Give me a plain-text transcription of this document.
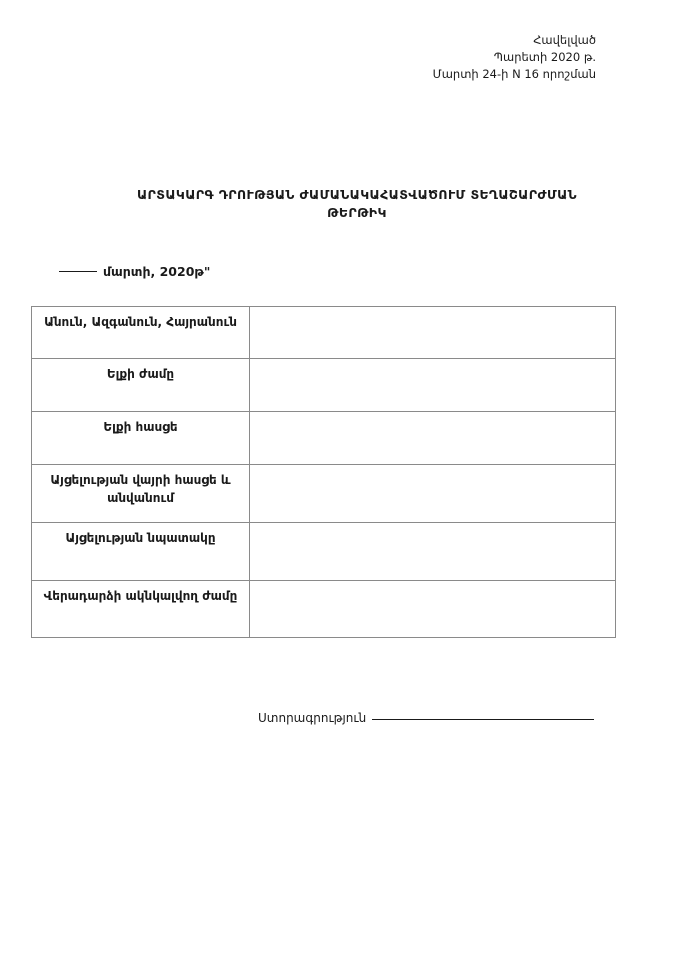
Հավելված
Պարետի 2020 թ.
Մարտի 24-ի N 16 որոշման
ԱՐՏԱԿԱՐԳ ԴՐՈՒԹՅԱՆ ԺԱՄԱՆԱԿԱՀԱՏՎԱԾՈՒՄ ՏԵՂԱՇԱՐԺՄԱՆ
ԹԵՐԹԻԿ
մարտի, 2020թ"
Անուն, Ազգանուն, Հայրանուն	
Ելքի ժամը	
Ելքի հասցե	
Այցելության վայրի հասցե և անվանում	
Այցելության նպատակը	
Վերադարձի ակնկալվող ժամը	
Ստորագրություն
